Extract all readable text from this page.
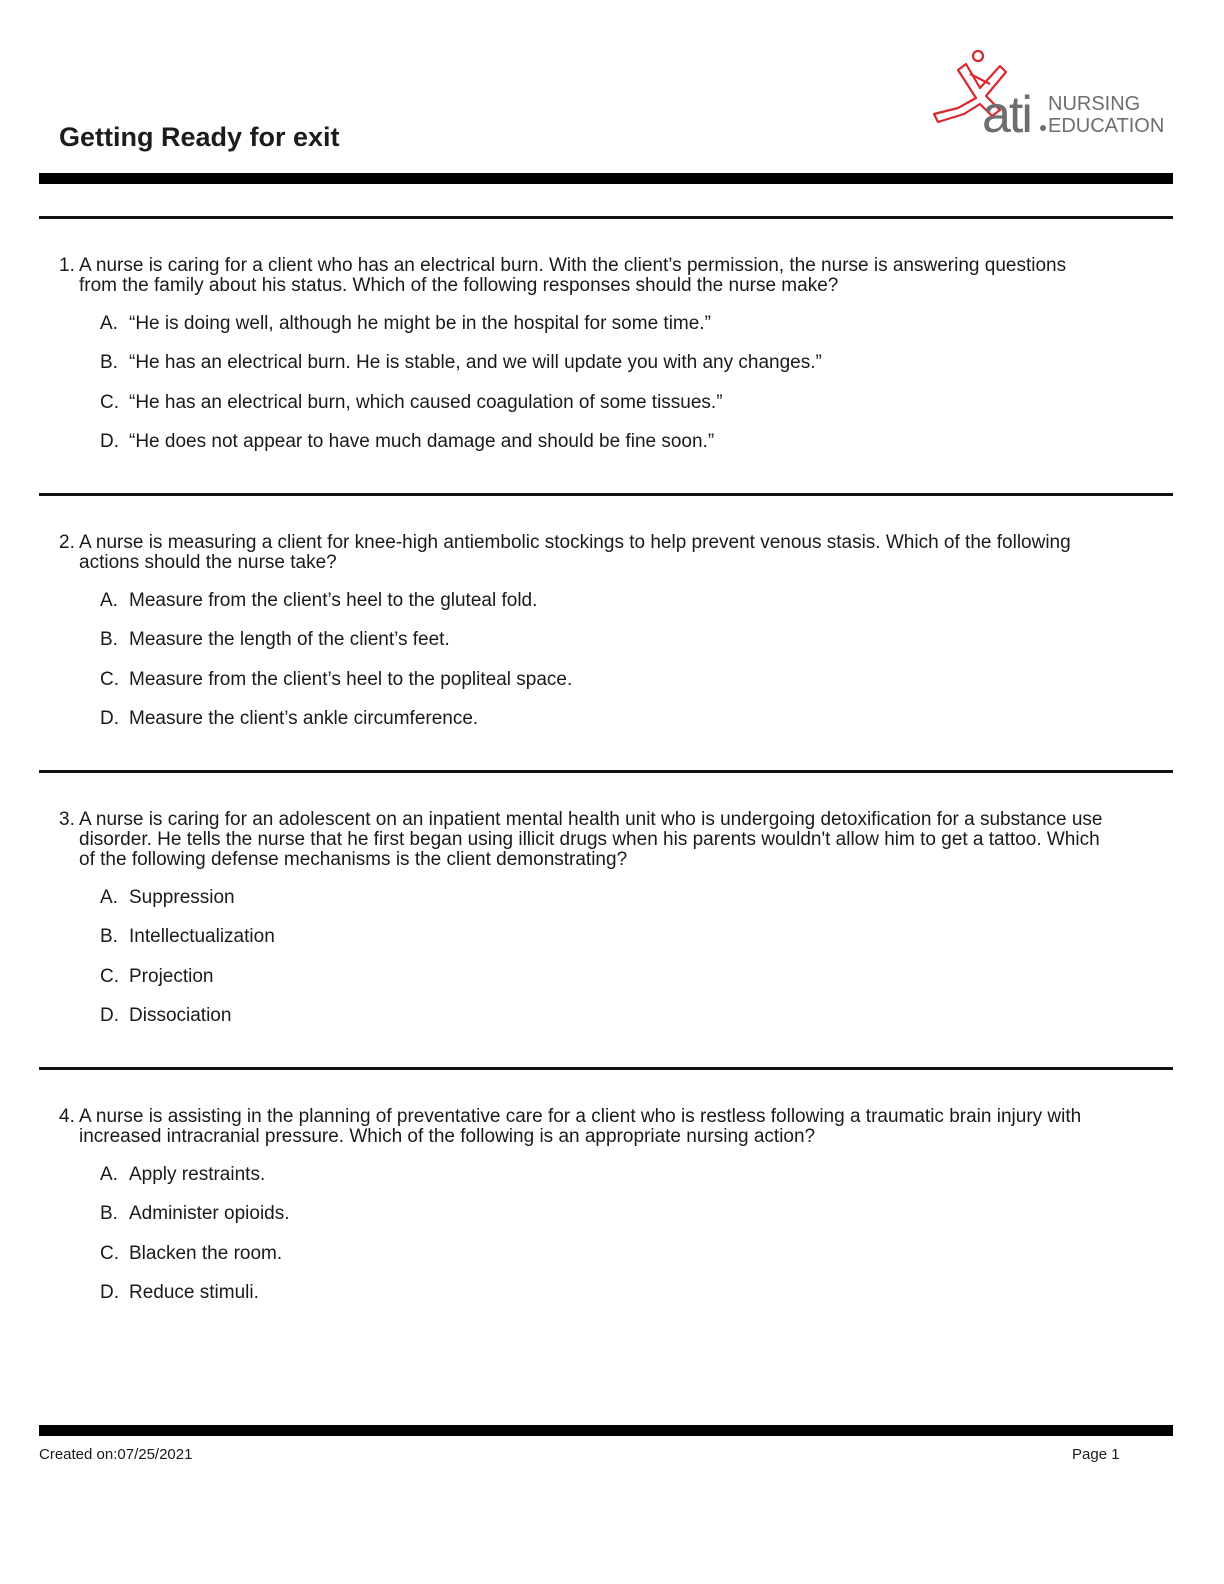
Getting Ready for exit	ati NURSING
EDUCATION
1. A nurse is caring for a client who has an electrical burn. With the client’s permission, the nurse is answering questions from the family about his status. Which of the following responses should the nurse make?
A. “He is doing well, although he might be in the hospital for some time.”
B. “He has an electrical burn. He is stable, and we will update you with any changes.”
C. “He has an electrical burn, which caused coagulation of some tissues.”
D. “He does not appear to have much damage and should be fine soon.”
2. A nurse is measuring a client for knee-high antiembolic stockings to help prevent venous stasis. Which of the following actions should the nurse take?
A. Measure from the client’s heel to the gluteal fold.
B. Measure the length of the client’s feet.
C. Measure from the client’s heel to the popliteal space.
D. Measure the client’s ankle circumference.
3. A nurse is caring for an adolescent on an inpatient mental health unit who is undergoing detoxification for a substance use disorder. He tells the nurse that he first began using illicit drugs when his parents wouldn't allow him to get a tattoo. Which of the following defense mechanisms is the client demonstrating?
A. Suppression
B. Intellectualization
C. Projection
D. Dissociation
4. A nurse is assisting in the planning of preventative care for a client who is restless following a traumatic brain injury with increased intracranial pressure. Which of the following is an appropriate nursing action?
A. Apply restraints.
B. Administer opioids.
C. Blacken the room.
D. Reduce stimuli.
Created on:07/25/2021	Page 1
